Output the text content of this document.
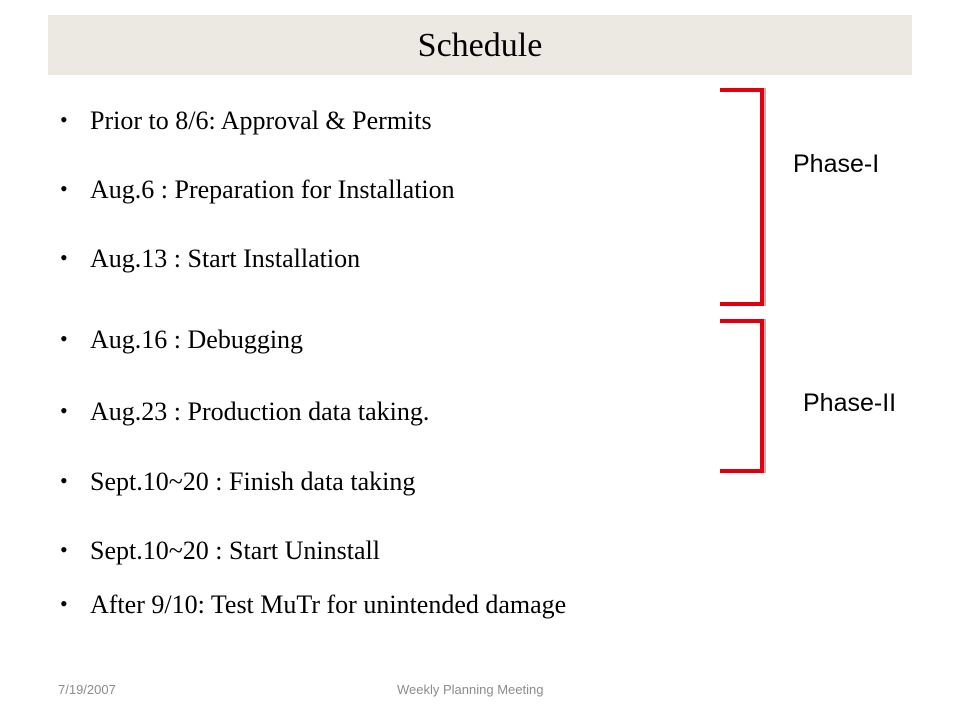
Schedule
• Prior to 8/6: Approval & Permits
• Aug.6 : Preparation for Installation
• Aug.13 : Start Installation
• Aug.16 : Debugging
• Aug.23 : Production data taking.
• Sept.10~20 : Finish data taking
• Sept.10~20 : Start Uninstall
• After 9/10: Test MuTr for unintended damage
Phase-I
Phase-II
7/19/2007	Weekly Planning Meeting
